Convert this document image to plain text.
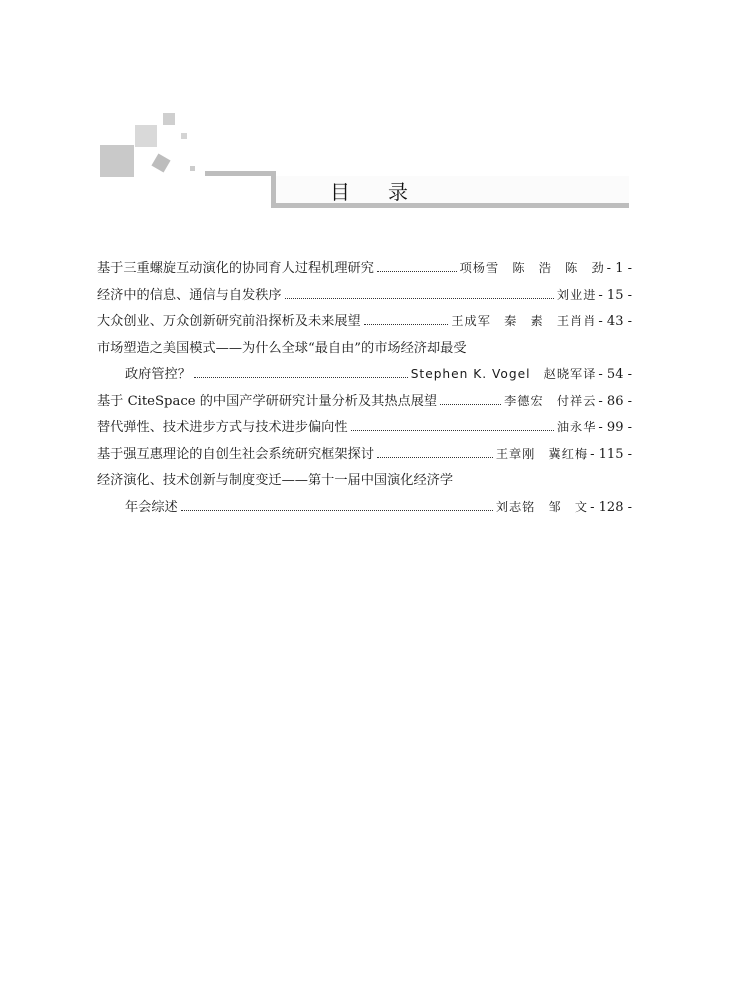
目录
基于三重螺旋互动演化的协同育人过程机理研究	项杨雪　陈　浩　陈　劲 - 1 -
经济中的信息、通信与自发秩序	刘业进 - 15 -
大众创业、万众创新研究前沿探析及未来展望	王成军　秦　素　王肖肖 - 43 -
市场塑造之美国模式——为什么全球“最自由”的市场经济却最受
政府管控？	Stephen K. Vogel　赵晓军译 - 54 -
基于 CiteSpace 的中国产学研研究计量分析及其热点展望	李德宏　付祥云 - 86 -
替代弹性、技术进步方式与技术进步偏向性	油永华 - 99 -
基于强互惠理论的自创生社会系统研究框架探讨	王章刚　冀红梅 - 115 -
经济演化、技术创新与制度变迁——第十一届中国演化经济学
年会综述	刘志铭　邹　文 - 128 -
